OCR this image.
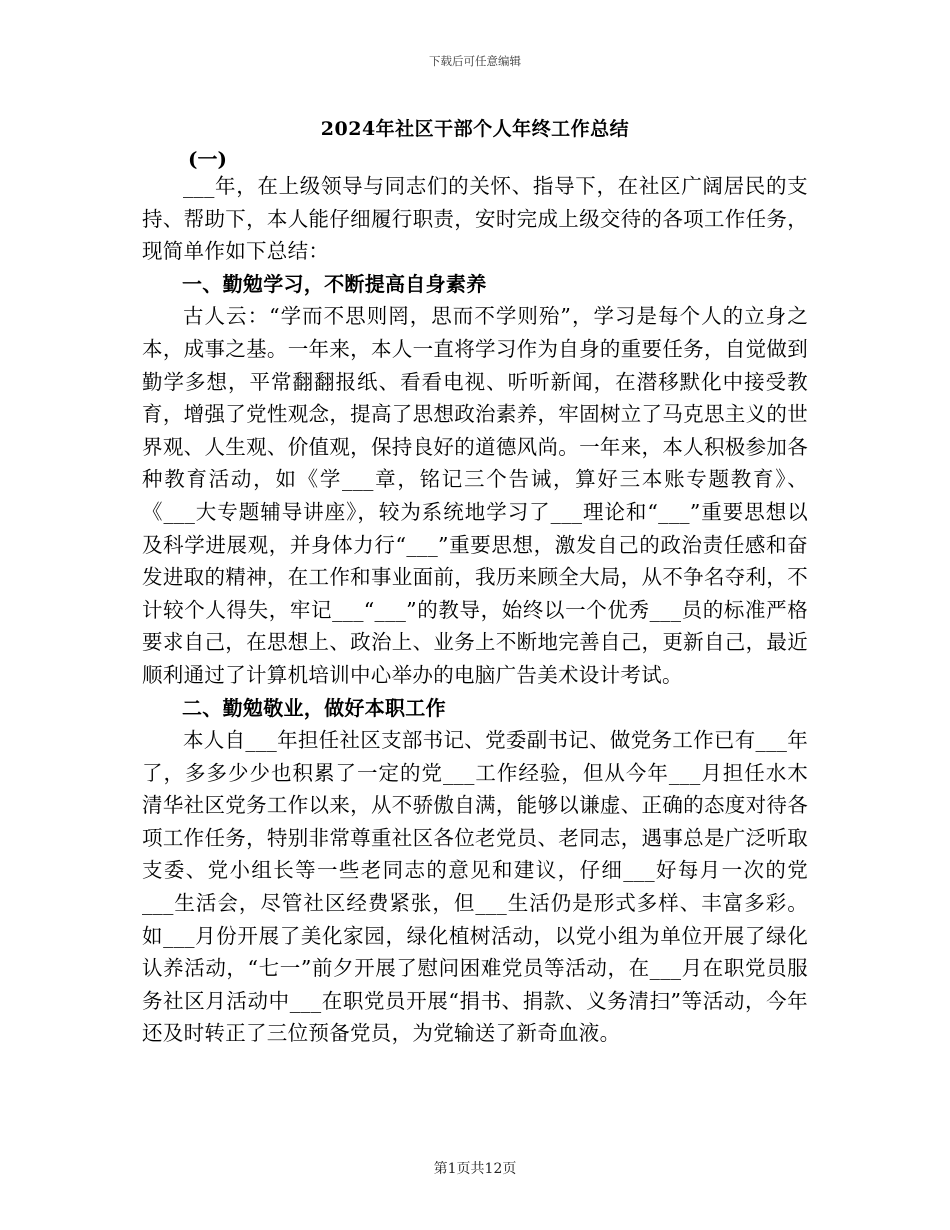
下载后可任意编辑
2024年社区干部个人年终工作总结
(一)

___年，在上级领导与同志们的关怀、指导下，在社区广阔居民的支持、帮助下，本人能仔细履行职责，安时完成上级交待的各项工作任务，现简单作如下总结：

一、勤勉学习，不断提高自身素养

古人云：“学而不思则罔，思而不学则殆”，学习是每个人的立身之本，成事之基。一年来，本人一直将学习作为自身的重要任务，自觉做到勤学多想，平常翻翻报纸、看看电视、听听新闻，在潜移默化中接受教育，增强了党性观念，提高了思想政治素养，牢固树立了马克思主义的世界观、人生观、价值观，保持良好的道德风尚。一年来，本人积极参加各种教育活动，如《学___章，铭记三个告诫，算好三本账专题教育》、《___大专题辅导讲座》，较为系统地学习了___理论和“___”重要思想以及科学进展观，并身体力行“___”重要思想，激发自己的政治责任感和奋发进取的精神，在工作和事业面前，我历来顾全大局，从不争名夺利，不计较个人得失，牢记___“___”的教导，始终以一个优秀___员的标准严格要求自己，在思想上、政治上、业务上不断地完善自己，更新自己，最近顺利通过了计算机培训中心举办的电脑广告美术设计考试。

二、勤勉敬业，做好本职工作

本人自___年担任社区支部书记、党委副书记、做党务工作已有___年了，多多少少也积累了一定的党___工作经验，但从今年___月担任水木清华社区党务工作以来，从不骄傲自满，能够以谦虚、正确的态度对待各项工作任务，特别非常尊重社区各位老党员、老同志，遇事总是广泛听取支委、党小组长等一些老同志的意见和建议，仔细___好每月一次的党___生活会，尽管社区经费紧张，但___生活仍是形式多样、丰富多彩。如___月份开展了美化家园，绿化植树活动，以党小组为单位开展了绿化认养活动，“七一”前夕开展了慰问困难党员等活动，在___月在职党员服务社区月活动中___在职党员开展“捐书、捐款、义务清扫”等活动，今年还及时转正了三位预备党员，为党输送了新奇血液。

第1页共12页
